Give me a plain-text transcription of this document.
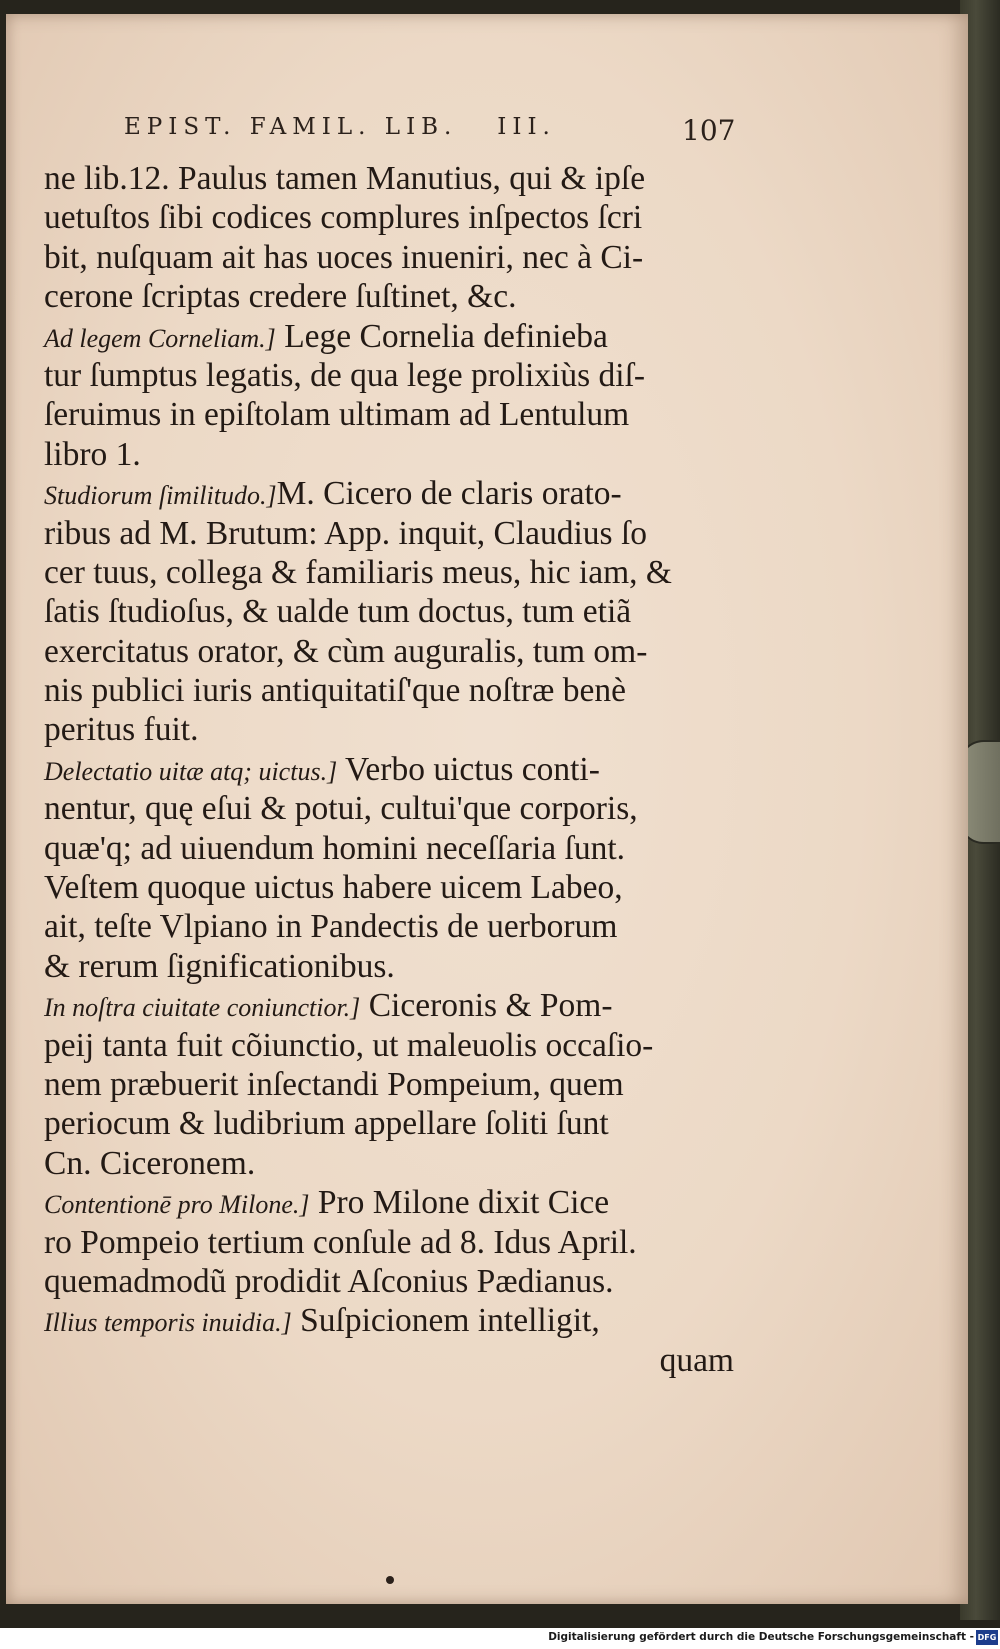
EPIST. FAMIL. LIB.   III.	107
ne lib.12. Paulus tamen Manutius, qui & ipſe
uetuſtos ſibi codices complures inſpectos ſcri
bit, nuſquam ait has uoces inueniri, nec à Ci-
cerone ſcriptas credere ſuſtinet, &c.
Ad legem Corneliam.] Lege Cornelia definieba
tur ſumptus legatis, de qua lege prolixiùs diſ-
ſeruimus in epiſtolam ultimam ad Lentulum
libro 1.
Studiorum ſimilitudo.]M. Cicero de claris orato-
ribus ad M. Brutum: App. inquit, Claudius ſo
cer tuus, collega & familiaris meus, hic iam, &
ſatis ſtudioſus, & ualde tum doctus, tum etiã
exercitatus orator, & cùm auguralis, tum om-
nis publici iuris antiquitatiſ'que noſtræ benè
peritus fuit.
Delectatio uitæ atq; uictus.] Verbo uictus conti-
nentur, quę eſui & potui, cultui'que corporis,
quæ'q; ad uiuendum homini neceſſaria ſunt.
Veſtem quoque uictus habere uicem Labeo,
ait, teſte Vlpiano in Pandectis de uerborum
& rerum ſignificationibus.
In noſtra ciuitate coniunctior.] Ciceronis & Pom-
peij tanta fuit cõiunctio, ut maleuolis occaſio-
nem præbuerit inſectandi Pompeium, quem
periocum & ludibrium appellare ſoliti ſunt
Cn. Ciceronem.
Contentionē pro Milone.] Pro Milone dixit Cice
ro Pompeio tertium conſule ad 8. Idus April.
quemadmodũ prodidit Aſconius Pædianus.
Illius temporis inuidia.] Suſpicionem intelligit,
quam
Digitalisierung gefördert durch die Deutsche Forschungsgemeinschaft - DFG
